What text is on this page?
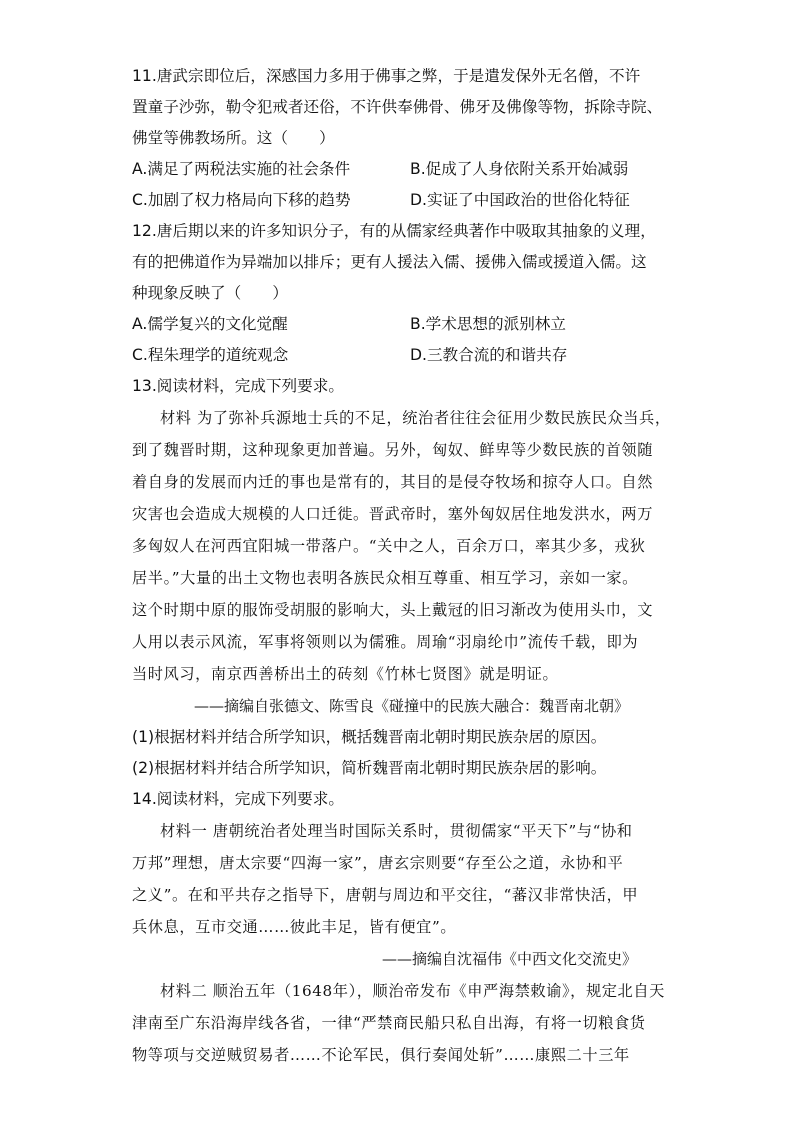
11.唐武宗即位后，深感国力多用于佛事之弊，于是遣发保外无名僧，不许
置童子沙弥，勒令犯戒者还俗，不许供奉佛骨、佛牙及佛像等物，拆除寺院、
佛堂等佛教场所。这（　　）
A.满足了两税法实施的社会条件	B.促成了人身依附关系开始减弱
C.加剧了权力格局向下移的趋势	D.实证了中国政治的世俗化特征
12.唐后期以来的许多知识分子，有的从儒家经典著作中吸取其抽象的义理，
有的把佛道作为异端加以排斥；更有人援法入儒、援佛入儒或援道入儒。这
种现象反映了（　　）
A.儒学复兴的文化觉醒	B.学术思想的派别林立
C.程朱理学的道统观念	D.三教合流的和谐共存
13.阅读材料，完成下列要求。
材料 为了弥补兵源地士兵的不足，统治者往往会征用少数民族民众当兵，
到了魏晋时期，这种现象更加普遍。另外，匈奴、鲜卑等少数民族的首领随
着自身的发展而内迁的事也是常有的，其目的是侵夺牧场和掠夺人口。自然
灾害也会造成大规模的人口迁徙。晋武帝时，塞外匈奴居住地发洪水，两万
多匈奴人在河西宜阳城一带落户。“关中之人，百余万口，率其少多，戎狄
居半。”大量的出土文物也表明各族民众相互尊重、相互学习，亲如一家。
这个时期中原的服饰受胡服的影响大，头上戴冠的旧习渐改为使用头巾，文
人用以表示风流，军事将领则以为儒雅。周瑜“羽扇纶巾”流传千载，即为
当时风习，南京西善桥出土的砖刻《竹林七贤图》就是明证。
——摘编自张德文、陈雪良《碰撞中的民族大融合：魏晋南北朝》
(1)根据材料并结合所学知识，概括魏晋南北朝时期民族杂居的原因。
(2)根据材料并结合所学知识，简析魏晋南北朝时期民族杂居的影响。
14.阅读材料，完成下列要求。
材料一 唐朝统治者处理当时国际关系时，贯彻儒家“平天下”与“协和
万邦”理想，唐太宗要“四海一家”，唐玄宗则要“存至公之道，永协和平
之义”。在和平共存之指导下，唐朝与周边和平交往，“蕃汉非常快活，甲
兵休息，互市交通……彼此丰足，皆有便宜”。
——摘编自沈福伟《中西文化交流史》
材料二 顺治五年（1648年），顺治帝发布《申严海禁敕谕》，规定北自天
津南至广东沿海岸线各省，一律“严禁商民船只私自出海，有将一切粮食货
物等项与交逆贼贸易者……不论军民，俱行奏闻处斩”……康熙二十三年
